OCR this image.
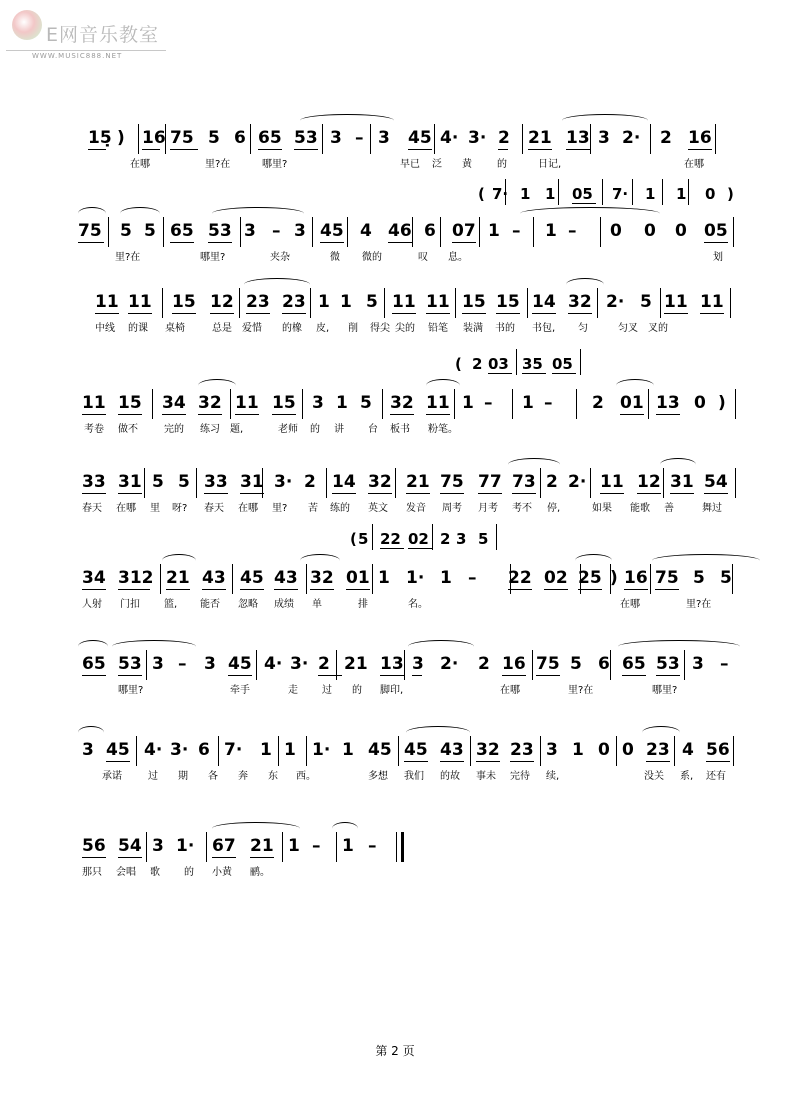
E网音乐教室
WWW.MUSIC888.NET
15̣ ) 16 75 5 6 65 53 3 – 3 45 4· 3· 2 21 13 3 2· 2 16
在哪	里?在	哪里?	早已 泛 黄	的	日记,	在哪
( 7· 1 1 05 7· 1 1 0 )
75 5 5 65 53 3 – 3 45 4 46 6 07 1 – 1 – 0 0 0 05
里?在	哪里?	夹杂	微 微的	叹 息。	划
11 11 15 12 23 23 1 1 5 11 11 15 15 14 32 2· 5 11 11
中线 的课 桌椅	总是 爱惜 的橡 皮, 削 得尖 尖的 铅笔 装满 书的 书包, 匀	匀叉 叉的
( 2 03 35 05
11 15 34 32 11 15 3 1 5 32 11 1 – 1 – 2 01 13 0 )
考卷 做不	完的 练习 题,	老师 的 讲 台 板书 粉笔。
33 31 5 5 33 31 3· 2 14 32 21 75 77 73 2 2· 11 12 31 54
春天 在哪 里 呀? 春天 在哪 里? 苦 练的 英文 发音 周考 月考 考不 停,	如果 能歌 善	舞过
( 5 22 02 2 3 5
34 312 21 43 45 43 32 01 1 1· 1 – 22 02 25 ) 16 75 5 5
人射 门扣 篮, 能否 忽略 成绩 单	排	名。	在哪	里?在
65 53 3 – 3 45 4· 3· 2 21 13 3 2· 2 16 75 5 6 65 53 3 –
哪里?	牵手	走 过 的 脚印,	在哪	里?在	哪里?
3 45 4· 3· 6 7· 1 1 1· 1 45 45 43 32 23 3 1 0 0 23 4 56
承诺	过 期 各 奔 东 西。	多想 我们 的故 事未 完待 续,	没关 系, 还有
56 54 3 1· 67 21 1 – 1 –
那只 会唱 歌 的 小黄 鹂。
第 2 页
